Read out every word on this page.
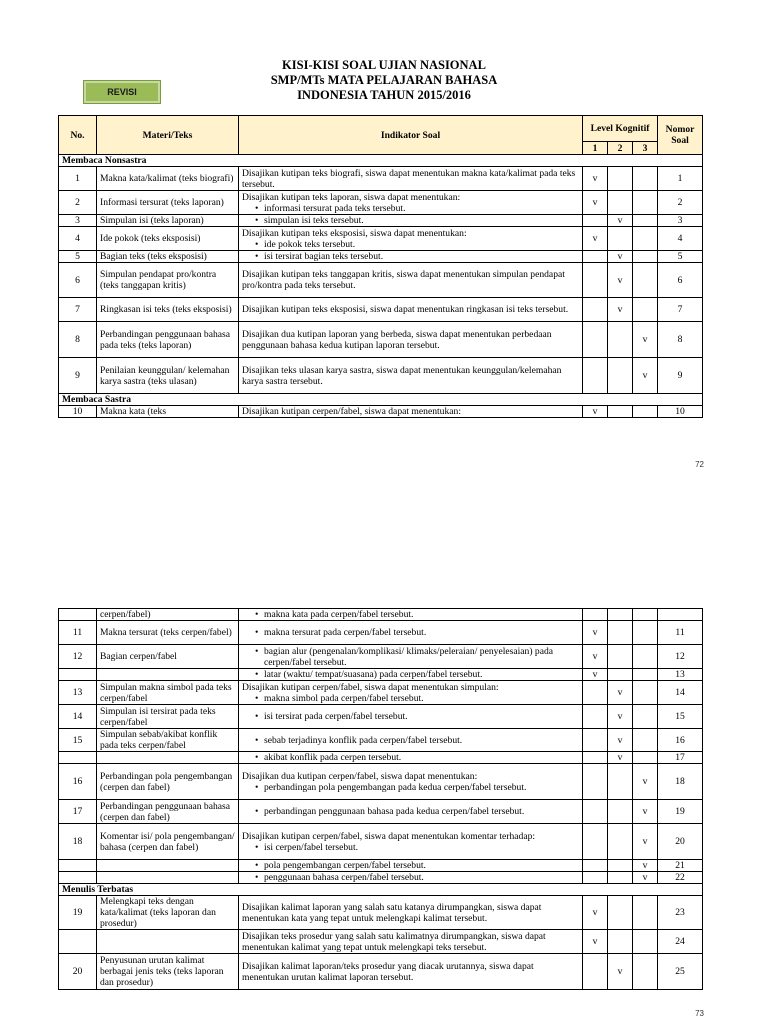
KISI-KISI SOAL UJIAN NASIONAL
SMP/MTs MATA PELAJARAN BAHASA
INDONESIA TAHUN 2015/2016
REVISI
No.	Materi/Teks	Indikator Soal	Level Kognitif			Nomor Soal
			1	2	3	
Membaca Nonsastra						
1	Makna kata/kalimat (teks biografi)	Disajikan kutipan teks biografi, siswa dapat menentukan makna kata/kalimat pada teks tersebut.	v			1
2	Informasi tersurat (teks laporan)	Disajikan kutipan teks laporan, siswa dapat menentukan:
• informasi tersurat pada teks tersebut.	v			2
3	Simpulan isi (teks laporan)	• simpulan isi teks tersebut.		v		3
4	Ide pokok (teks eksposisi)	Disajikan kutipan teks eksposisi, siswa dapat menentukan:
• ide pokok teks tersebut.	v			4
5	Bagian teks (teks eksposisi)	• isi tersirat bagian teks tersebut.		v		5
6	Simpulan pendapat pro/kontra (teks tanggapan kritis)	Disajikan kutipan teks tanggapan kritis, siswa dapat menentukan simpulan pendapat pro/kontra pada teks tersebut.		v		6
7	Ringkasan isi teks (teks eksposisi)	Disajikan kutipan teks eksposisi, siswa dapat menentukan ringkasan isi teks tersebut.		v		7
8	Perbandingan penggunaan bahasa pada teks (teks laporan)	Disajikan dua kutipan laporan yang berbeda, siswa dapat menentukan perbedaan penggunaan bahasa kedua kutipan laporan tersebut.			v	8
9	Penilaian keunggulan/ kelemahan karya sastra (teks ulasan)	Disajikan teks ulasan karya sastra, siswa dapat menentukan keunggulan/kelemahan karya sastra tersebut.			v	9
Membaca Sastra						
10	Makna kata (teks	Disajikan kutipan cerpen/fabel, siswa dapat menentukan:	v			10
72
	cerpen/fabel)	• makna kata pada cerpen/fabel tersebut.

11	Makna tersurat (teks cerpen/fabel)	• makna tersurat pada cerpen/fabel tersebut.	v			11
12	Bagian cerpen/fabel	• bagian alur (pengenalan/komplikasi/ klimaks/peleraian/ penyelesaian) pada cerpen/fabel tersebut.	v			12

		• latar (waktu/ tempat/suasana) pada cerpen/fabel tersebut.	v			13
13	Simpulan makna simbol pada teks cerpen/fabel	Disajikan kutipan cerpen/fabel, siswa dapat menentukan simpulan:
• makna simbol pada cerpen/fabel tersebut.		v		14
14	Simpulan isi tersirat pada teks cerpen/fabel	• isi tersirat pada cerpen/fabel tersebut.		v		15
15	Simpulan sebab/akibat konflik pada teks cerpen/fabel	• sebab terjadinya konflik pada cerpen/fabel tersebut.		v		16

		• akibat konflik pada cerpen tersebut.		v		17
16	Perbandingan pola pengembangan (cerpen dan fabel)	Disajikan dua kutipan cerpen/fabel, siswa dapat menentukan:
• perbandingan pola pengembangan pada kedua cerpen/fabel tersebut.			v	18
17	Perbandingan penggunaan bahasa (cerpen dan fabel)	• perbandingan penggunaan bahasa pada kedua cerpen/fabel tersebut.			v	19
18	Komentar isi/ pola pengembangan/ bahasa (cerpen dan fabel)	Disajikan kutipan cerpen/fabel, siswa dapat menentukan komentar terhadap:
• isi cerpen/fabel tersebut.			v	20

		• pola pengembangan cerpen/fabel tersebut.			v	21

		• penggunaan bahasa cerpen/fabel tersebut.			v	22
Menulis Terbatas						
19	Melengkapi teks dengan kata/kalimat (teks laporan dan prosedur)	Disajikan kalimat laporan yang salah satu katanya dirumpangkan, siswa dapat menentukan kata yang tepat untuk melengkapi kalimat tersebut.	v			23
		Disajikan teks prosedur yang salah satu kalimatnya dirumpangkan, siswa dapat menentukan kalimat yang tepat untuk melengkapi teks tersebut.	v			24
20	Penyusunan urutan kalimat berbagai jenis teks (teks laporan dan prosedur)	Disajikan kalimat laporan/teks prosedur yang diacak urutannya, siswa dapat menentukan urutan kalimat laporan tersebut.		v		25
73
